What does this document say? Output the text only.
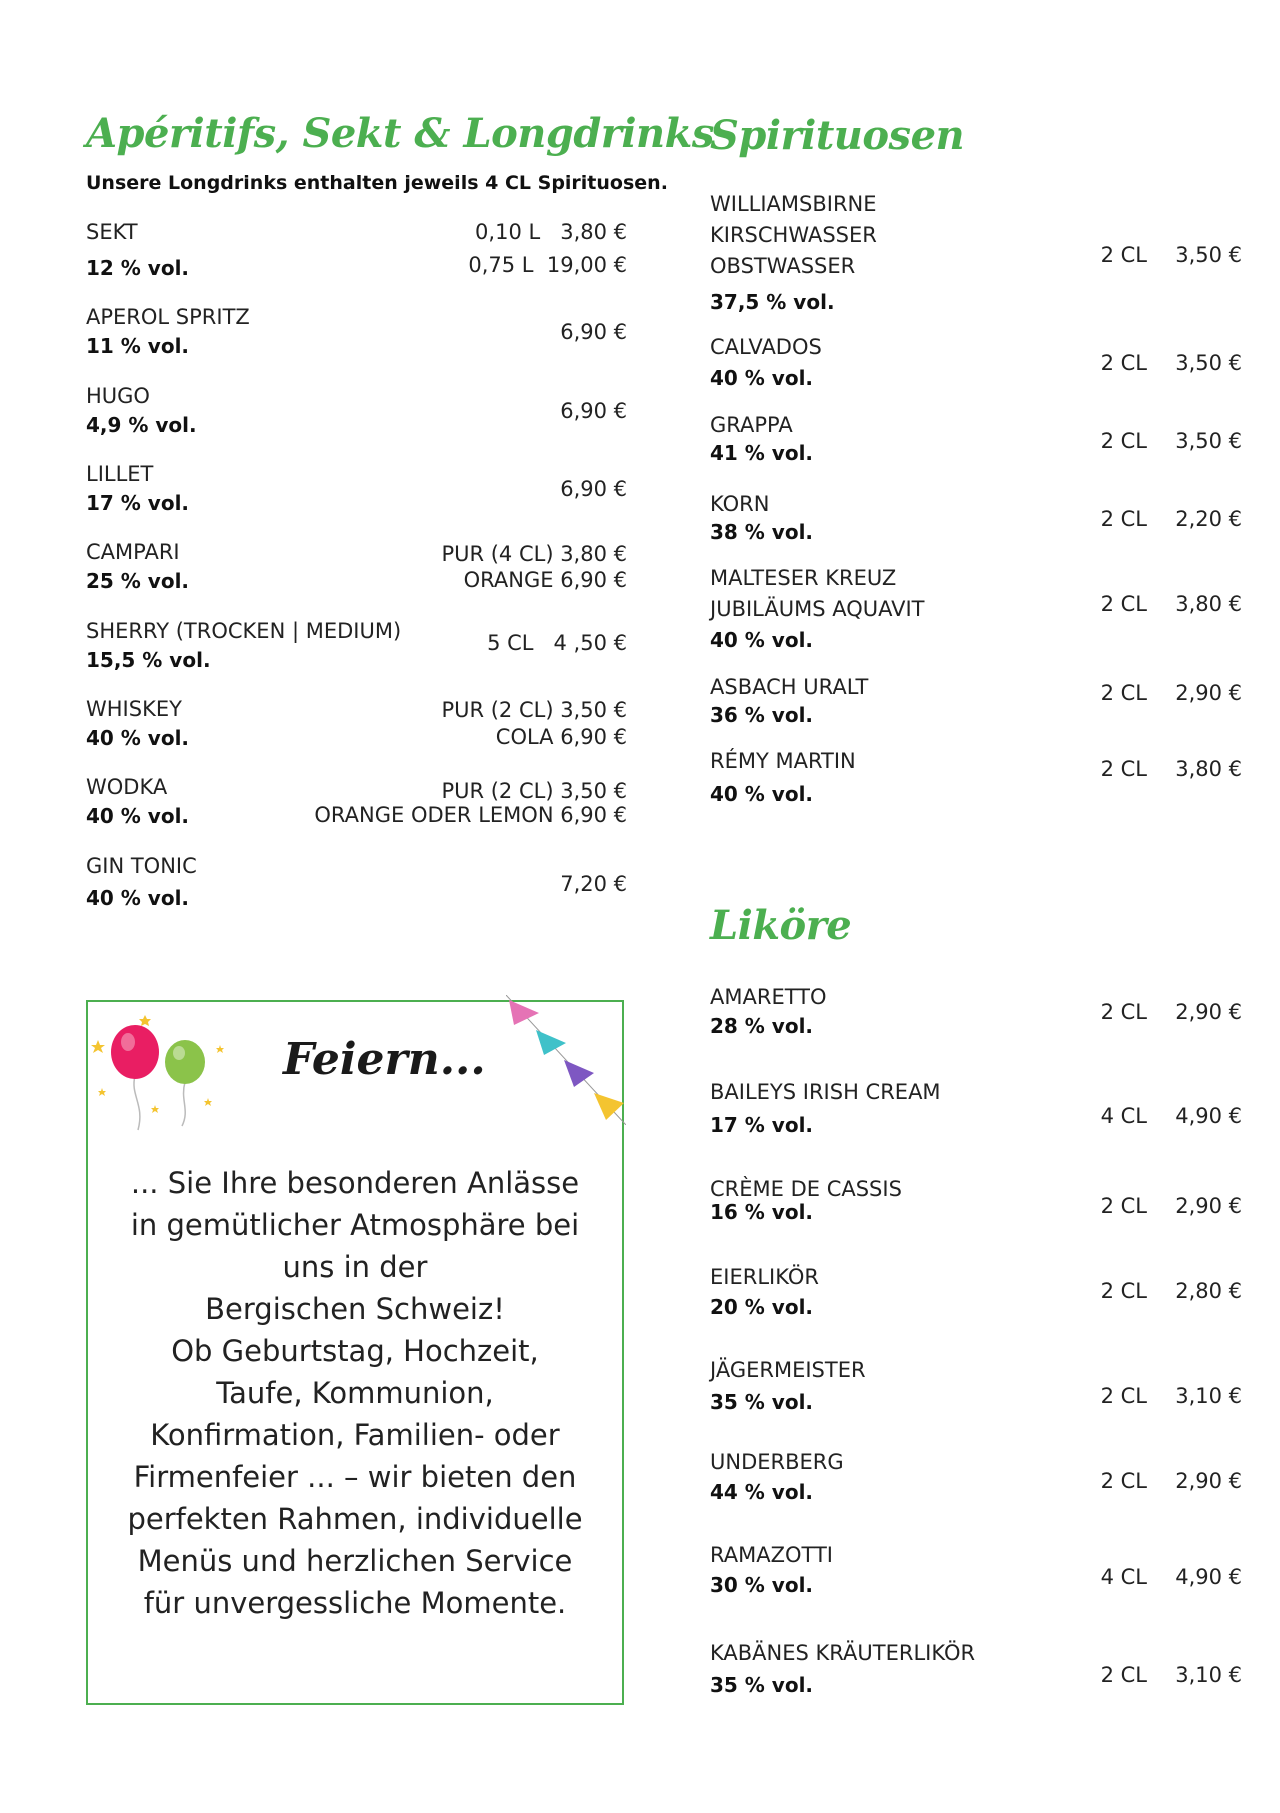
Apéritifs, Sekt & Longdrinks
Unsere Longdrinks enthalten jeweils 4 CL Spirituosen.
SEKT
12 % vol.
0,10 L   3,80 €
0,75 L  19,00 €
APEROL SPRITZ
11 % vol.
6,90 €
HUGO
4,9 % vol.
6,90 €
LILLET
17 % vol.
6,90 €
CAMPARI
25 % vol.
PUR (4 CL) 3,80 €
ORANGE 6,90 €
SHERRY (TROCKEN | MEDIUM)
15,5 % vol.
5 CL   4 ,50 €
WHISKEY
40 % vol.
PUR (2 CL) 3,50 €
COLA 6,90 €
WODKA
40 % vol.
PUR (2 CL) 3,50 €
ORANGE ODER LEMON 6,90 €
GIN TONIC
40 % vol.
7,20 €
Feiern...
... Sie Ihre besonderen Anlässe
in gemütlicher Atmosphäre bei
uns in der
Bergischen Schweiz!
Ob Geburtstag, Hochzeit,
Taufe, Kommunion,
Konfirmation, Familien- oder
Firmenfeier ... – wir bieten den
perfekten Rahmen, individuelle
Menüs und herzlichen Service
für unvergessliche Momente.
Spirituosen
WILLIAMSBIRNE
KIRSCHWASSER
OBSTWASSER
37,5 % vol.
2 CL 3,50 €
CALVADOS
40 % vol.
2 CL 3,50 €
GRAPPA
41 % vol.	2 CL 3,50 €
KORN
38 % vol.
2 CL 2,20 €
MALTESER KREUZ
JUBILÄUMS AQUAVIT
40 % vol.
2 CL 3,80 €
ASBACH URALT
36 % vol.
2 CL 2,90 €
RÉMY MARTIN
40 % vol.
2 CL 3,80 €
Liköre
AMARETTO
28 % vol.
2 CL 2,90 €
BAILEYS IRISH CREAM
17 % vol.	4 CL 4,90 €
CRÈME DE CASSIS
16 % vol.	2 CL 2,90 €
EIERLIKÖR
20 % vol.
2 CL 2,80 €
JÄGERMEISTER
35 % vol.	2 CL 3,10 €
UNDERBERG
44 % vol.	2 CL 2,90 €
RAMAZOTTI
30 % vol.	4 CL 4,90 €
KABÄNES KRÄUTERLIKÖR
35 % vol.	2 CL 3,10 €
